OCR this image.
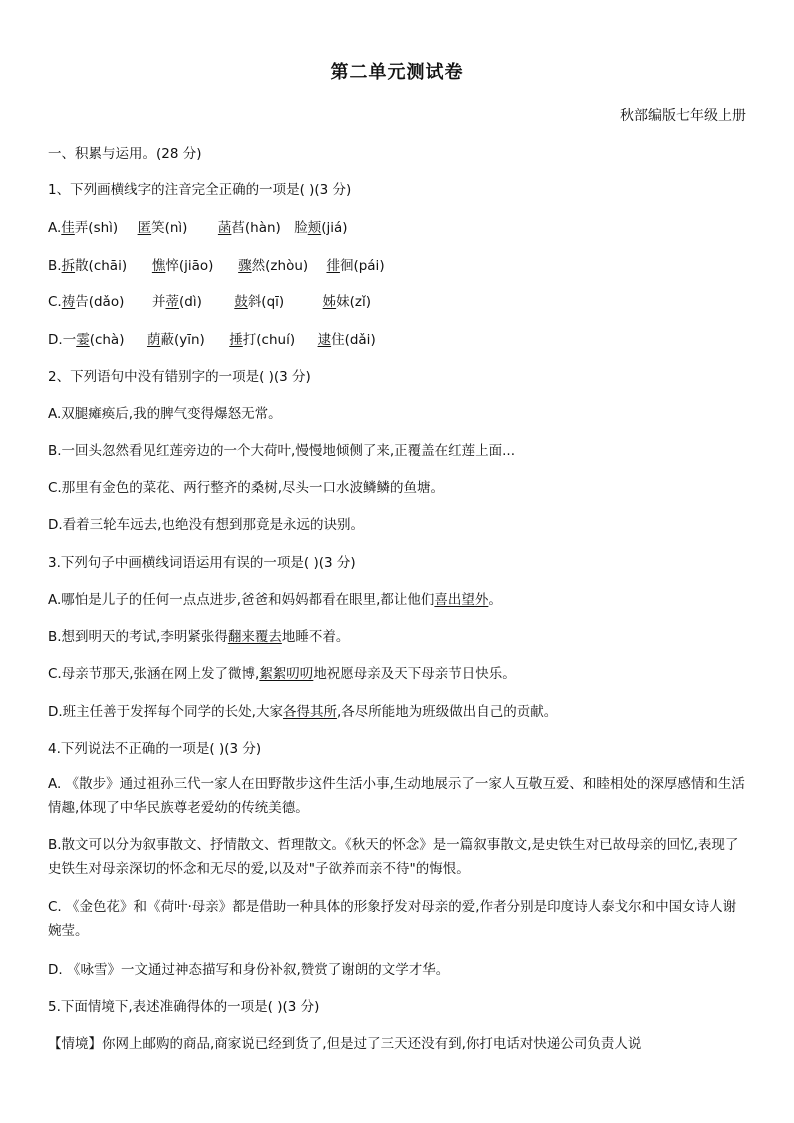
第二单元测试卷
秋部编版七年级上册
一、积累与运用。(28 分)
1、下列画横线字的注音完全正确的一项是( )(3 分)
A.佳弄(shì) 匿笑(nì) 菡萏(hàn) 脸颊(jiá)
B.拆散(chāi) 憔悴(jiāo) 骤然(zhòu) 徘徊(pái)
C.祷告(dǎo) 并蒂(dì) 鼓斜(qī)	姊妹(zǐ)
D.一霎(chà) 荫蔽(yīn) 捶打(chuí) 逮住(dǎi)
2、下列语句中没有错别字的一项是( )(3 分)
A.双腿瘫痪后,我的脾气变得爆怒无常。
B.一回头忽然看见红莲旁边的一个大荷叶,慢慢地倾侧了来,正覆盖在红莲上面...
C.那里有金色的菜花、两行整齐的桑树,尽头一口水波鳞鳞的鱼塘。
D.看着三轮车远去,也绝没有想到那竟是永远的诀别。
3.下列句子中画横线词语运用有误的一项是( )(3 分)
A.哪怕是儿子的任何一点点进步,爸爸和妈妈都看在眼里,都让他们喜出望外。
B.想到明天的考试,李明紧张得翻来覆去地睡不着。
C.母亲节那天,张涵在网上发了微博,絮絮叨叨地祝愿母亲及天下母亲节日快乐。
D.班主任善于发挥每个同学的长处,大家各得其所,各尽所能地为班级做出自己的贡献。
4.下列说法不正确的一项是( )(3 分)
A. 《散步》通过祖孙三代一家人在田野散步这件生活小事,生动地展示了一家人互敬互爱、和睦相处的深厚感情和生活情趣,体现了中华民族尊老爱幼的传统美德。
B.散文可以分为叙事散文、抒情散文、哲理散文。《秋天的怀念》是一篇叙事散文,是史铁生对已故母亲的回忆,表现了史铁生对母亲深切的怀念和无尽的爱,以及对"子欲养而亲不待"的悔恨。
C. 《金色花》和《荷叶·母亲》都是借助一种具体的形象抒发对母亲的爱,作者分别是印度诗人泰戈尔和中国女诗人谢婉莹。
D. 《咏雪》一文通过神态描写和身份补叙,赞赏了谢朗的文学才华。
5.下面情境下,表述准确得体的一项是( )(3 分)
【情境】你网上邮购的商品,商家说已经到货了,但是过了三天还没有到,你打电话对快递公司负责人说
